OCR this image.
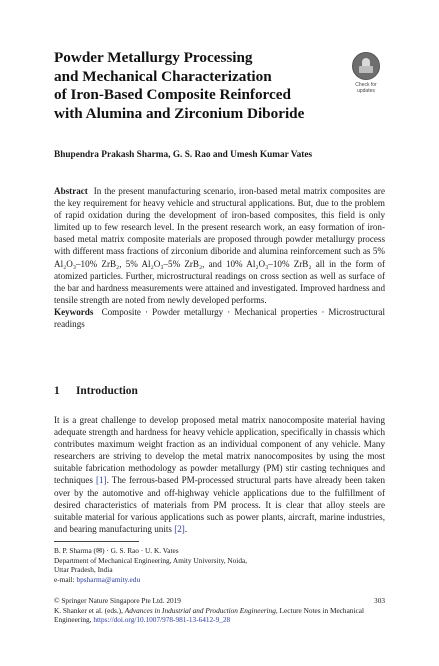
Powder Metallurgy Processing
and Mechanical Characterization
of Iron-Based Composite Reinforced
with Alumina and Zirconium Diboride
Check for
updates
Bhupendra Prakash Sharma, G. S. Rao and Umesh Kumar Vates
Abstract In the present manufacturing scenario, iron-based metal matrix composites are the key requirement for heavy vehicle and structural applications. But, due to the problem of rapid oxidation during the development of iron-based composites, this field is only limited up to few research level. In the present research work, an easy formation of iron-based metal matrix composite materials are proposed through powder metallurgy process with different mass fractions of zirconium diboride and alumina reinforcement such as 5% Al₂O₃–10% ZrB₂, 5% Al₂O₃–5% ZrB₂, and 10% Al₂O₃–10% ZrB₂ all in the form of atomized particles. Further, microstructural readings on cross section as well as surface of the bar and hardness measurements were attained and investigated. Improved hardness and tensile strength are noted from newly developed performs.
Keywords Composite · Powder metallurgy · Mechanical properties · Microstructural readings
1 Introduction
It is a great challenge to develop proposed metal matrix nanocomposite material having adequate strength and hardness for heavy vehicle application, specifically in chassis which contributes maximum weight fraction as an individual component of any vehicle. Many researchers are striving to develop the metal matrix nanocomposites by using the most suitable fabrication methodology as powder metallurgy (PM) stir casting techniques and techniques [1]. The ferrous-based PM-processed structural parts have already been taken over by the automotive and off-highway vehicle applications due to the fulfillment of desired characteristics of materials from PM process. It is clear that alloy steels are suitable material for various applications such as power plants, aircraft, marine industries, and bearing manufacturing units [2].
B. P. Sharma (✉) · G. S. Rao · U. K. Vates
Department of Mechanical Engineering, Amity University, Noida,
Uttar Pradesh, India
e-mail: bpsharma@amity.edu
© Springer Nature Singapore Pte Ltd. 2019
K. Shanker et al. (eds.), Advances in Industrial and Production Engineering, Lecture Notes in Mechanical Engineering, https://doi.org/10.1007/978-981-13-6412-9_28
303
